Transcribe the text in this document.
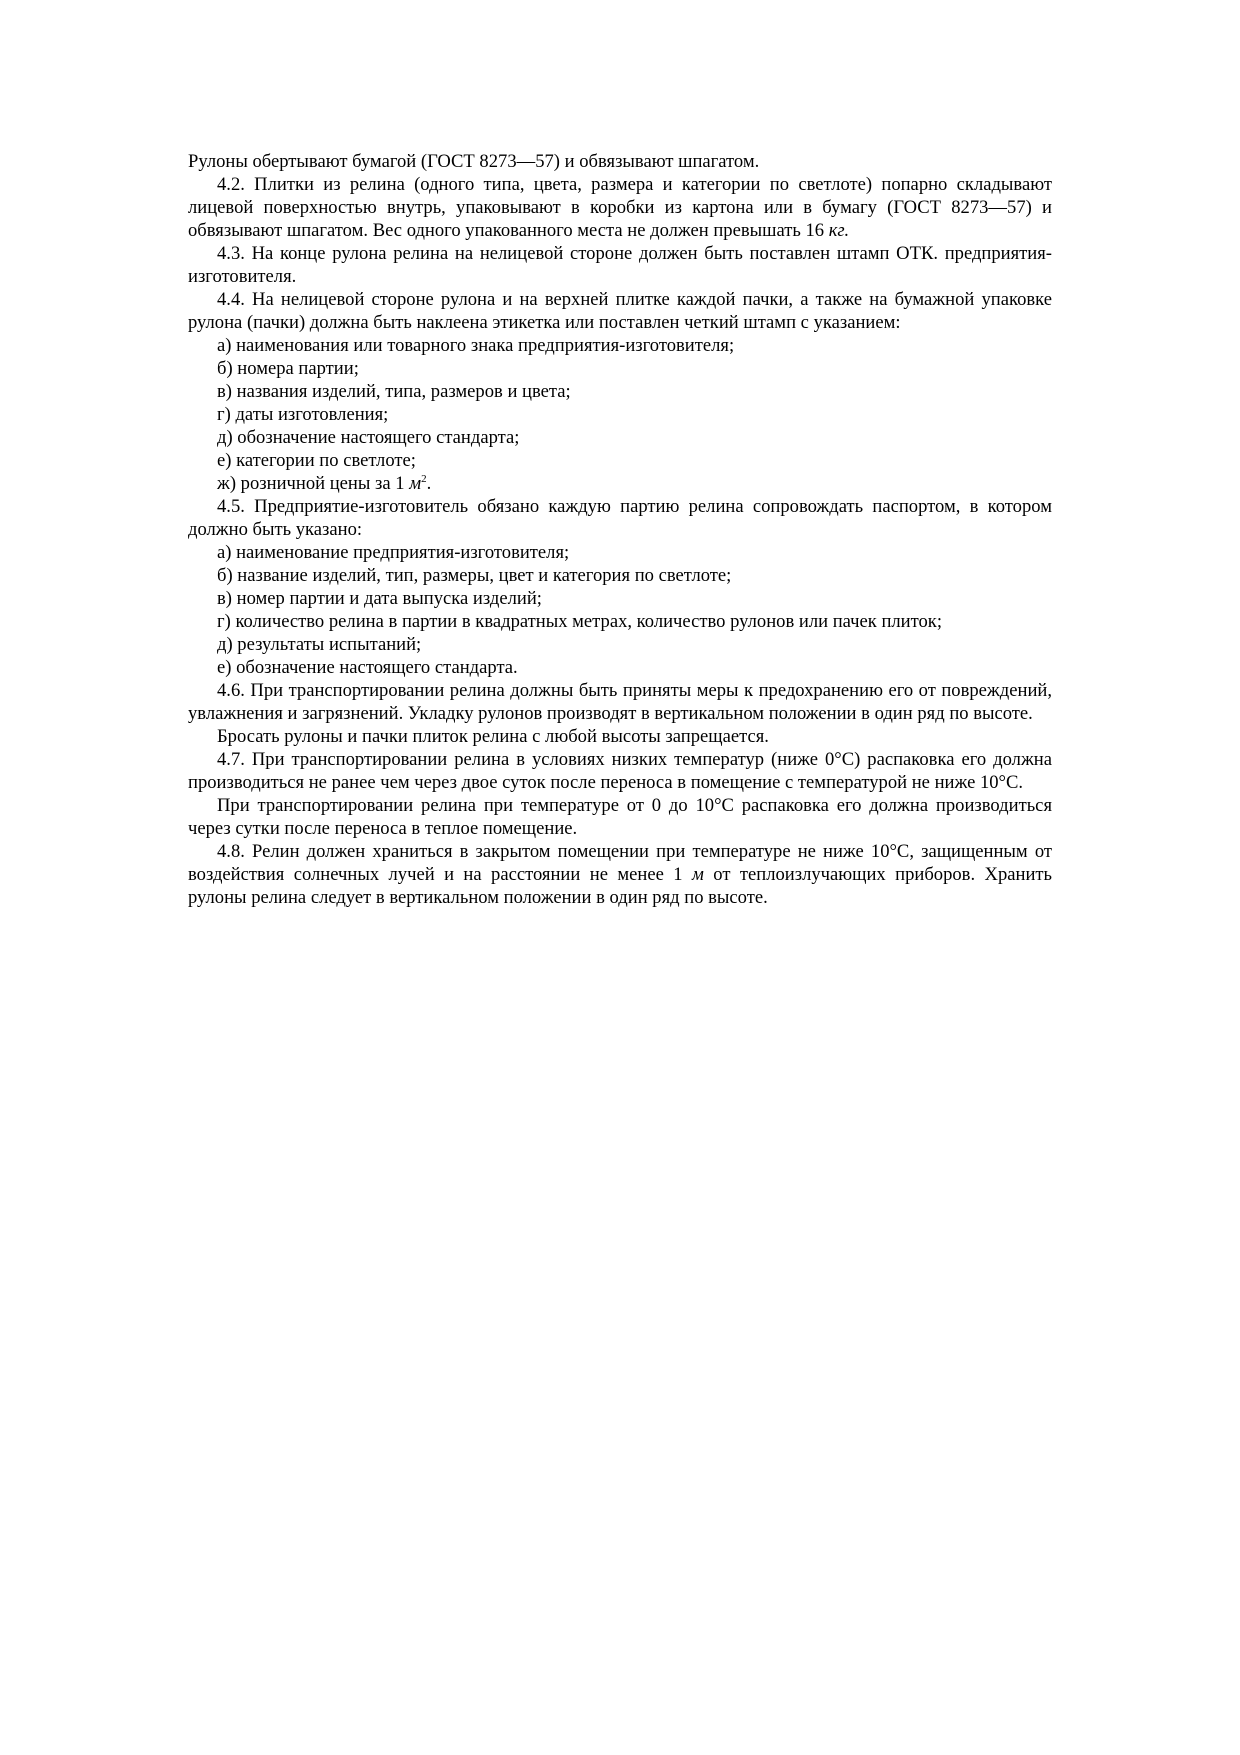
Рулоны обертывают бумагой (ГОСТ 8273—57) и обвязывают шпагатом.

4.2. Плитки из релина (одного типа, цвета, размера и категории по светлоте) попарно складывают лицевой поверхностью внутрь, упаковывают в коробки из картона или в бумагу (ГОСТ 8273—57) и обвязывают шпагатом. Вес одного упакованного места не должен превышать 16 кг.

4.3. На конце рулона релина на нелицевой стороне должен быть поставлен штамп ОТК. предприятия-изготовителя.

4.4. На нелицевой стороне рулона и на верхней плитке каждой пачки, а также на бумажной упаковке рулона (пачки) должна быть наклеена этикетка или поставлен четкий штамп с указанием:

а) наименования или товарного знака предприятия-изготовителя;

б) номера партии;

в) названия изделий, типа, размеров и цвета;

г) даты изготовления;

д) обозначение настоящего стандарта;

е) категории по светлоте;

ж) розничной цены за 1 $м^2$.

4.5. Предприятие-изготовитель обязано каждую партию релина сопровождать паспортом, в котором должно быть указано:

а) наименование предприятия-изготовителя;

б) название изделий, тип, размеры, цвет и категория по светлоте;

в) номер партии и дата выпуска изделий;

г) количество релина в партии в квадратных метрах, количество рулонов или пачек плиток;

д) результаты испытаний;

е) обозначение настоящего стандарта.

4.6. При транспортировании релина должны быть приняты меры к предохранению его от повреждений, увлажнения и загрязнений. Укладку рулонов производят в вертикальном положении в один ряд по высоте.

Бросать рулоны и пачки плиток релина с любой высоты запрещается.

4.7. При транспортировании релина в условиях низких температур (ниже 0°С) распаковка его должна производиться не ранее чем через двое суток после переноса в помещение с температурой не ниже 10°С.

При транспортировании релина при температуре от 0 до 10°С распаковка его должна производиться через сутки после переноса в теплое помещение.

4.8. Релин должен храниться в закрытом помещении при температуре не ниже 10°С, защищенным от воздействия солнечных лучей и на расстоянии не менее 1 м от теплоизлучающих приборов. Хранить рулоны релина следует в вертикальном положении в один ряд по высоте.
